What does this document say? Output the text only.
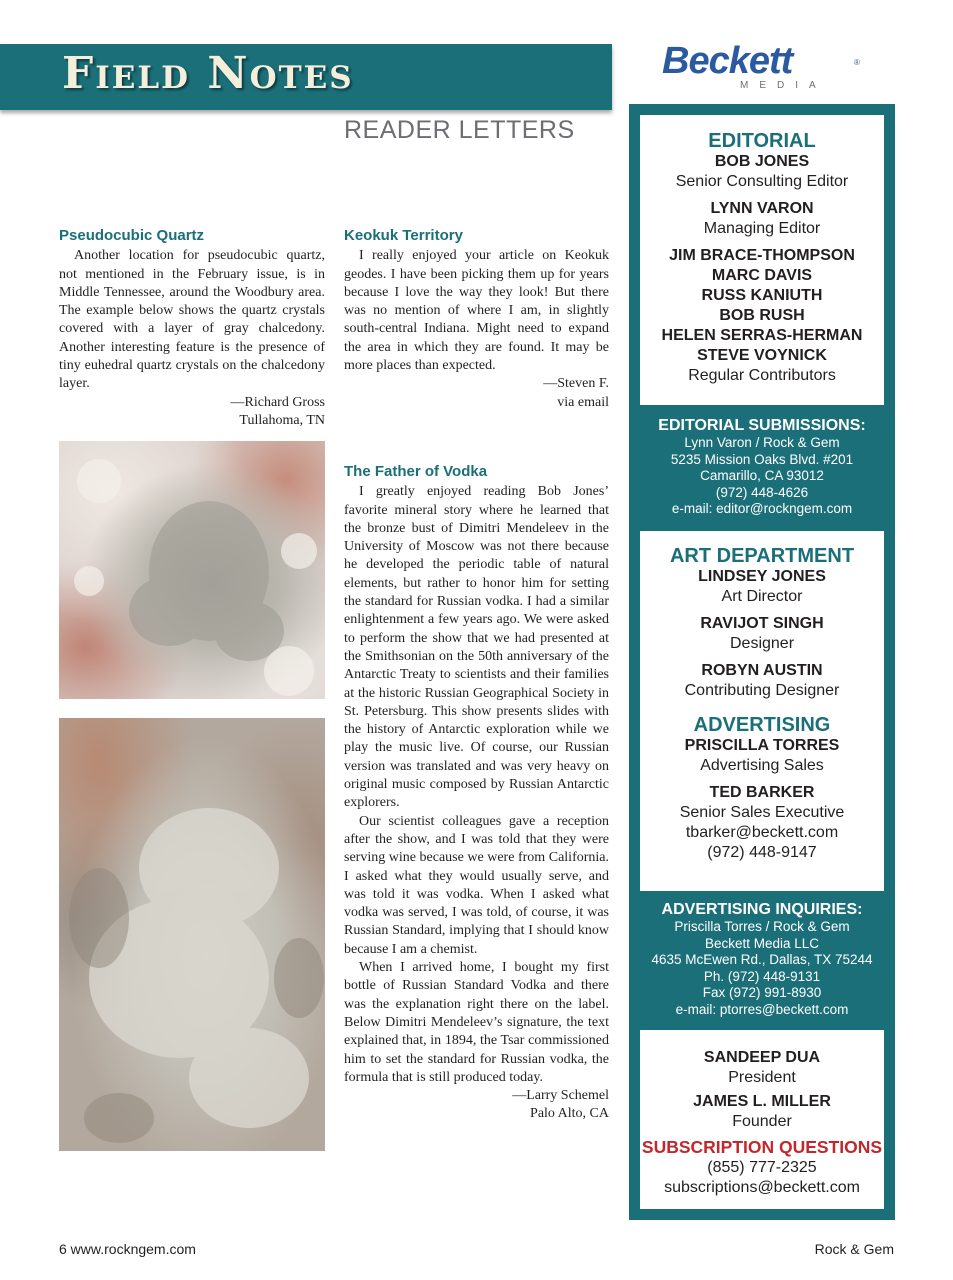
Field Notes
READER LETTERS
Beckett	®
MEDIA
Pseudocubic Quartz

Another location for pseudocubic quartz, not mentioned in the February issue, is in Middle Tennessee, around the Woodbury area. The example below shows the quartz crystals covered with a layer of gray chalcedony. Another interesting feature is the presence of tiny euhedral quartz crystals on the chalcedony layer.

—Richard Gross
Tullahoma, TN
Keokuk Territory

I really enjoyed your article on Keokuk geodes. I have been picking them up for years because I love the way they look! But there was no mention of where I am, in slightly south-central Indiana. Might need to expand the area in which they are found. It may be more places than expected.

—Steven F.
via email
The Father of Vodka

I greatly enjoyed reading Bob Jones’ favorite mineral story where he learned that the bronze bust of Dimitri Mendeleev in the University of Moscow was not there because he developed the periodic table of natural elements, but rather to honor him for setting the standard for Russian vodka. I had a similar enlightenment a few years ago. We were asked to perform the show that we had presented at the Smithsonian on the 50th anniversary of the Antarctic Treaty to scientists and their families at the historic Russian Geographical Society in St. Petersburg. This show presents slides with the history of Antarctic exploration while we play the music live. Of course, our Russian version was translated and was very heavy on original music composed by Russian Antarctic explorers.

Our scientist colleagues gave a reception after the show, and I was told that they were serving wine because we were from California. I asked what they would usually serve, and was told it was vodka. When I asked what vodka was served, I was told, of course, it was Russian Standard, implying that I should know because I am a chemist.

When I arrived home, I bought my first bottle of Russian Standard Vodka and there was the explanation right there on the label. Below Dimitri Mendeleev’s signature, the text explained that, in 1894, the Tsar commissioned him to set the standard for Russian vodka, the formula that is still produced today.

—Larry Schemel
Palo Alto, CA
EDITORIAL
BOB JONES
Senior Consulting Editor
LYNN VARON
Managing Editor
JIM BRACE-THOMPSON
MARC DAVIS
RUSS KANIUTH
BOB RUSH
HELEN SERRAS-HERMAN
STEVE VOYNICK
Regular Contributors
EDITORIAL SUBMISSIONS:
Lynn Varon / Rock & Gem
5235 Mission Oaks Blvd. #201
Camarillo, CA 93012
(972) 448-4626
e-mail: editor@rockngem.com
ART DEPARTMENT
LINDSEY JONES
Art Director
RAVIJOT SINGH
Designer
ROBYN AUSTIN
Contributing Designer
ADVERTISING
PRISCILLA TORRES
Advertising Sales
TED BARKER
Senior Sales Executive
tbarker@beckett.com
(972) 448-9147
ADVERTISING INQUIRIES:
Priscilla Torres / Rock & Gem
Beckett Media LLC
4635 McEwen Rd., Dallas, TX 75244
Ph. (972) 448-9131
Fax (972) 991-8930
e-mail: ptorres@beckett.com
SANDEEP DUA
President
JAMES L. MILLER
Founder
SUBSCRIPTION QUESTIONS
(855) 777-2325
subscriptions@beckett.com
6 www.rockngem.com	Rock & Gem
